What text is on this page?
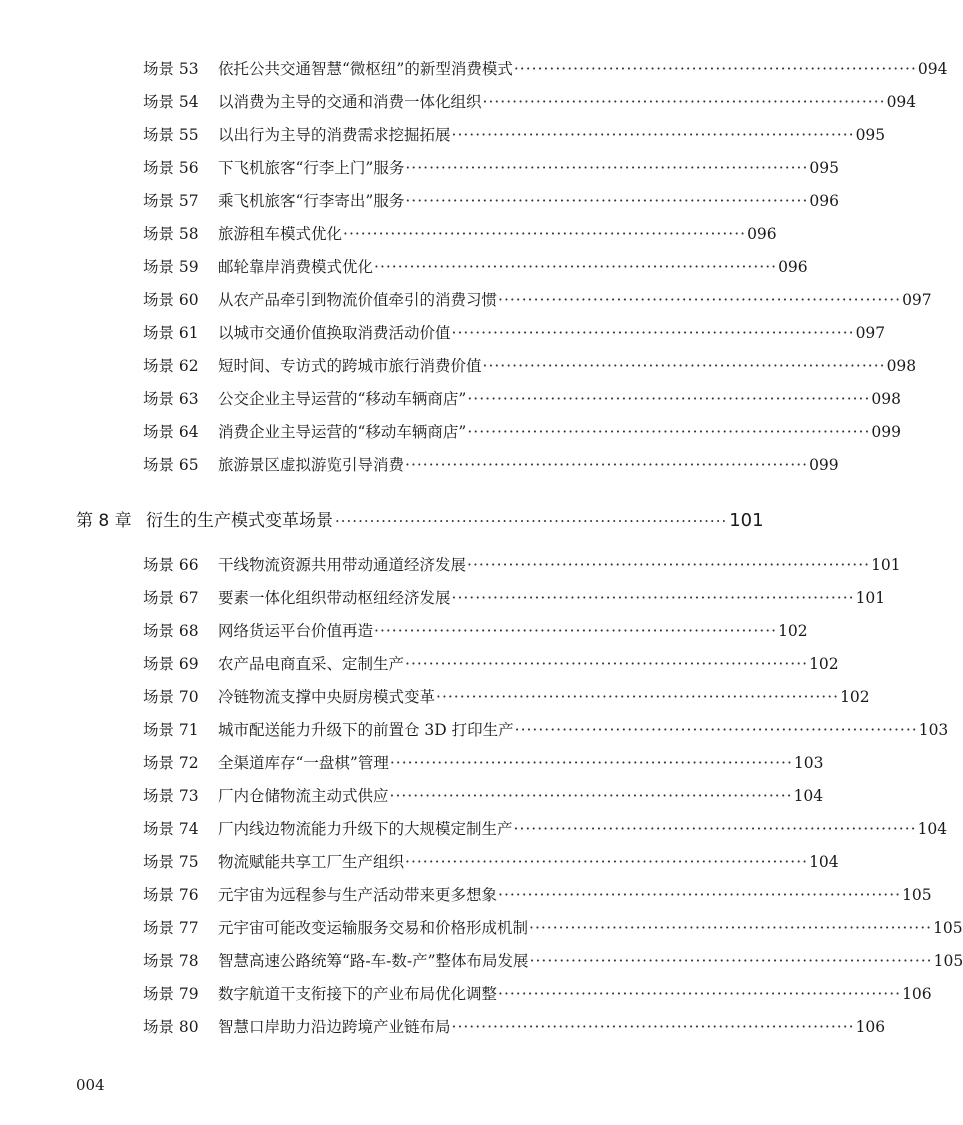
场景 53	依托公共交通智慧“微枢纽”的新型消费模式 ···································································· 094
场景 54	以消费为主导的交通和消费一体化组织 ···································································· 094
场景 55	以出行为主导的消费需求挖掘拓展 ···································································· 095
场景 56	下飞机旅客“行李上门”服务 ···································································· 095
场景 57	乘飞机旅客“行李寄出”服务 ···································································· 096
场景 58	旅游租车模式优化 ···································································· 096
场景 59	邮轮靠岸消费模式优化 ···································································· 096
场景 60	从农产品牵引到物流价值牵引的消费习惯 ···································································· 097
场景 61	以城市交通价值换取消费活动价值 ···································································· 097
场景 62	短时间、专访式的跨城市旅行消费价值 ···································································· 098
场景 63	公交企业主导运营的“移动车辆商店” ···································································· 098
场景 64	消费企业主导运营的“移动车辆商店” ···································································· 099
场景 65	旅游景区虚拟游览引导消费 ···································································· 099
第 8 章 衍生的生产模式变革场景 ···································································· 101
场景 66	干线物流资源共用带动通道经济发展 ···································································· 101
场景 67	要素一体化组织带动枢纽经济发展 ···································································· 101
场景 68	网络货运平台价值再造 ···································································· 102
场景 69	农产品电商直采、定制生产 ···································································· 102
场景 70	冷链物流支撑中央厨房模式变革 ···································································· 102
场景 71	城市配送能力升级下的前置仓 3D 打印生产 ···································································· 103
场景 72	全渠道库存“一盘棋”管理 ···································································· 103
场景 73	厂内仓储物流主动式供应 ···································································· 104
场景 74	厂内线边物流能力升级下的大规模定制生产 ···································································· 104
场景 75	物流赋能共享工厂生产组织 ···································································· 104
场景 76	元宇宙为远程参与生产活动带来更多想象 ···································································· 105
场景 77	元宇宙可能改变运输服务交易和价格形成机制 ···································································· 105
场景 78	智慧高速公路统筹“路-车-数-产”整体布局发展 ···································································· 105
场景 79	数字航道干支衔接下的产业布局优化调整 ···································································· 106
场景 80	智慧口岸助力沿边跨境产业链布局 ···································································· 106
004
